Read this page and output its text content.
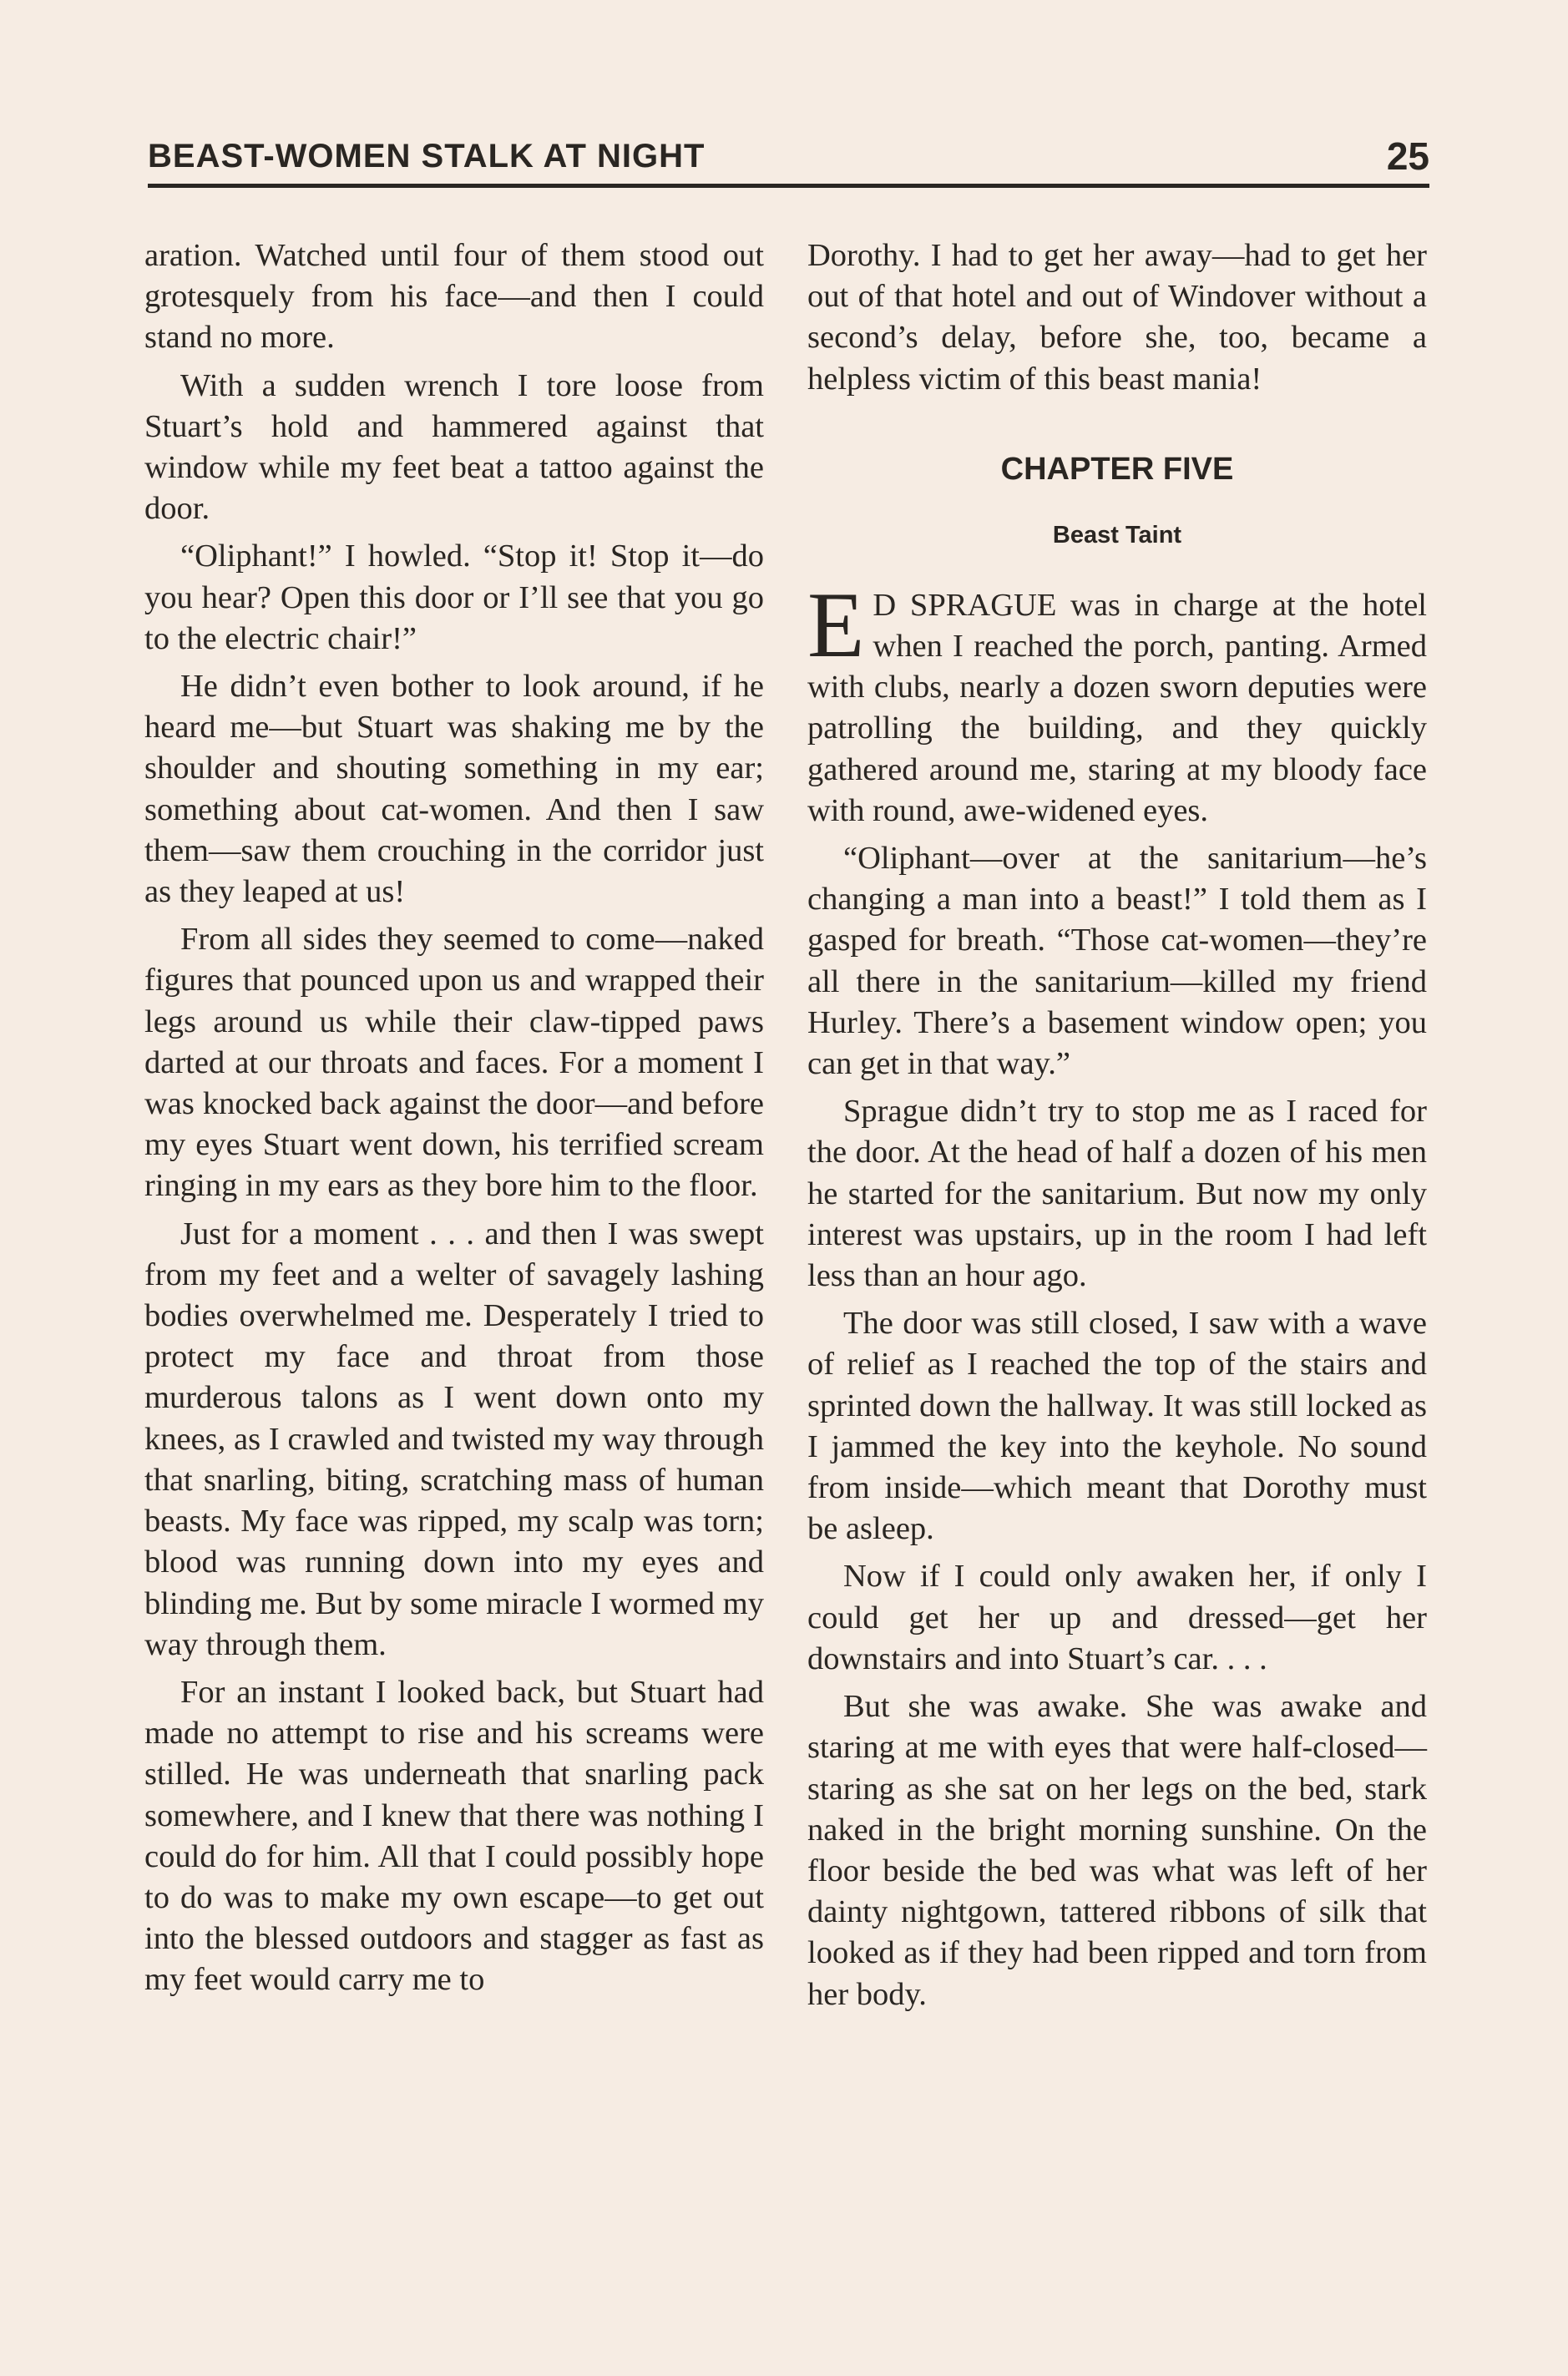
BEAST-WOMEN STALK AT NIGHT	25

aration. Watched until four of them stood out grotesquely from his face—and then I could stand no more.

With a sudden wrench I tore loose from Stuart’s hold and hammered against that window while my feet beat a tattoo against the door.

“Oliphant!” I howled. “Stop it! Stop it—do you hear? Open this door or I’ll see that you go to the electric chair!”

He didn’t even bother to look around, if he heard me—but Stuart was shaking me by the shoulder and shouting something in my ear; something about cat-women. And then I saw them—saw them crouching in the corridor just as they leaped at us!

From all sides they seemed to come—naked figures that pounced upon us and wrapped their legs around us while their claw-tipped paws darted at our throats and faces. For a moment I was knocked back against the door—and before my eyes Stuart went down, his terrified scream ringing in my ears as they bore him to the floor.

Just for a moment . . . and then I was swept from my feet and a welter of savagely lashing bodies overwhelmed me. Desperately I tried to protect my face and throat from those murderous talons as I went down onto my knees, as I crawled and twisted my way through that snarling, biting, scratching mass of human beasts. My face was ripped, my scalp was torn; blood was running down into my eyes and blinding me. But by some miracle I wormed my way through them.

For an instant I looked back, but Stuart had made no attempt to rise and his screams were stilled. He was underneath that snarling pack somewhere, and I knew that there was nothing I could do for him. All that I could possibly hope to do was to make my own escape—to get out into the blessed outdoors and stagger as fast as my feet would carry me to

Dorothy. I had to get her away—had to get her out of that hotel and out of Windover without a second’s delay, before she, too, became a helpless victim of this beast mania!

CHAPTER FIVE
Beast Taint

E D SPRAGUE was in charge at the hotel when I reached the porch, panting. Armed with clubs, nearly a dozen sworn deputies were patrolling the building, and they quickly gathered around me, staring at my bloody face with round, awe-widened eyes.

“Oliphant—over at the sanitarium—he’s changing a man into a beast!” I told them as I gasped for breath. “Those cat-women—they’re all there in the sanitarium—killed my friend Hurley. There’s a basement window open; you can get in that way.”

Sprague didn’t try to stop me as I raced for the door. At the head of half a dozen of his men he started for the sanitarium. But now my only interest was upstairs, up in the room I had left less than an hour ago.

The door was still closed, I saw with a wave of relief as I reached the top of the stairs and sprinted down the hallway. It was still locked as I jammed the key into the keyhole. No sound from inside—which meant that Dorothy must be asleep.

Now if I could only awaken her, if only I could get her up and dressed—get her downstairs and into Stuart’s car. . . .

But she was awake. She was awake and staring at me with eyes that were half-closed—staring as she sat on her legs on the bed, stark naked in the bright morning sunshine. On the floor beside the bed was what was left of her dainty nightgown, tattered ribbons of silk that looked as if they had been ripped and torn from her body.
